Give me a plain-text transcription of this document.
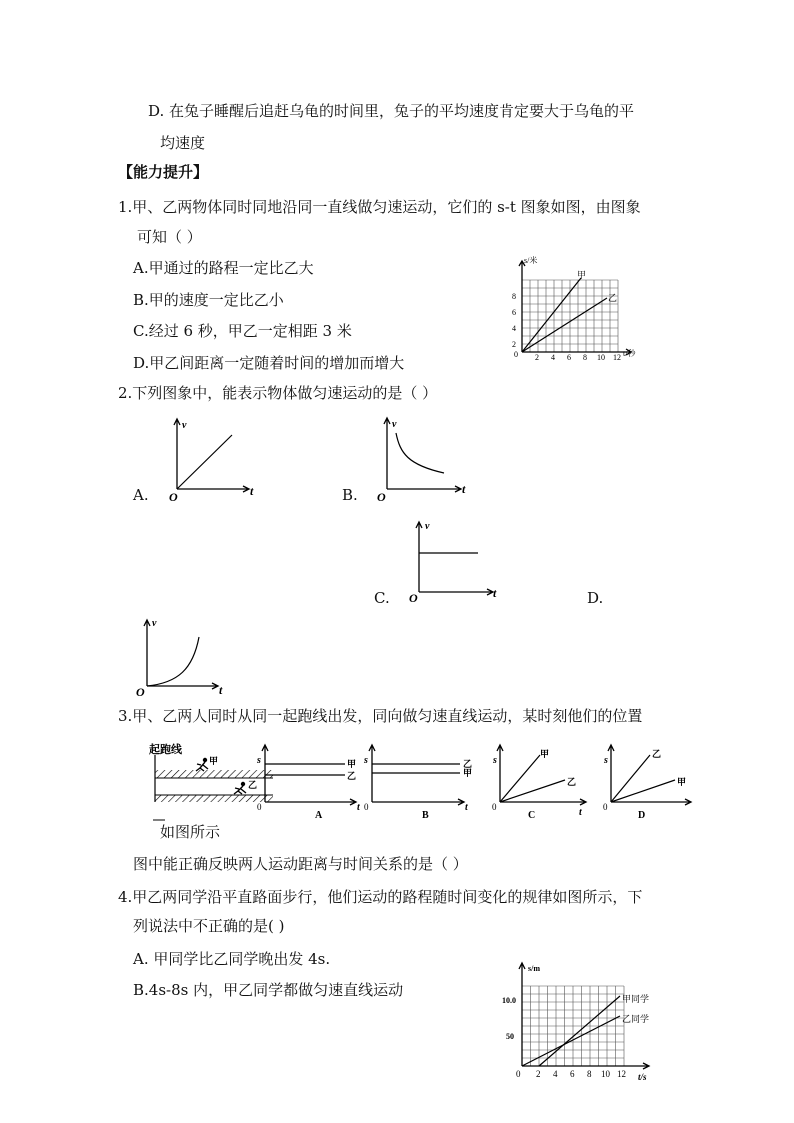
D. 在兔子睡醒后追赶乌龟的时间里，兔子的平均速度肯定要大于乌龟的平
均速度
【能力提升】
1.甲、乙两物体同时同地沿同一直线做匀速运动，它们的 s-t 图象如图，由图象
可知（ ）
A.甲通过的路程一定比乙大
B.甲的速度一定比乙小
C.经过 6 秒，甲乙一定相距 3 米
D.甲乙间距离一定随着时间的增加而增大
s/米
t/秒
0
2
4
6
8
2 4 6 8 10 12
甲
乙
2.下列图象中，能表示物体做匀速运动的是（ ）
A.
v
t
O	B.
v
t
O
v
t
O
C.	D.
v
t
O
3.甲、乙两人同时从同一起跑线出发，同向做匀速直线运动，某时刻他们的位置
起跑线
甲
乙
s
t
0
甲
乙
A
s
t
0
乙
甲
B
s
t
0
甲
乙
C
s
0
乙
甲
D
如图所示
图中能正确反映两人运动距离与时间关系的是（ ）
4.甲乙两同学沿平直路面步行，他们运动的路程随时间变化的规律如图所示，下
列说法中不正确的是( )
A. 甲同学比乙同学晚出发 4s.
B.4s-8s 内，甲乙同学都做匀速直线运动
s/m
t/s
0
50
10.0
2 4 6 8 10 12
甲同学
乙同学
